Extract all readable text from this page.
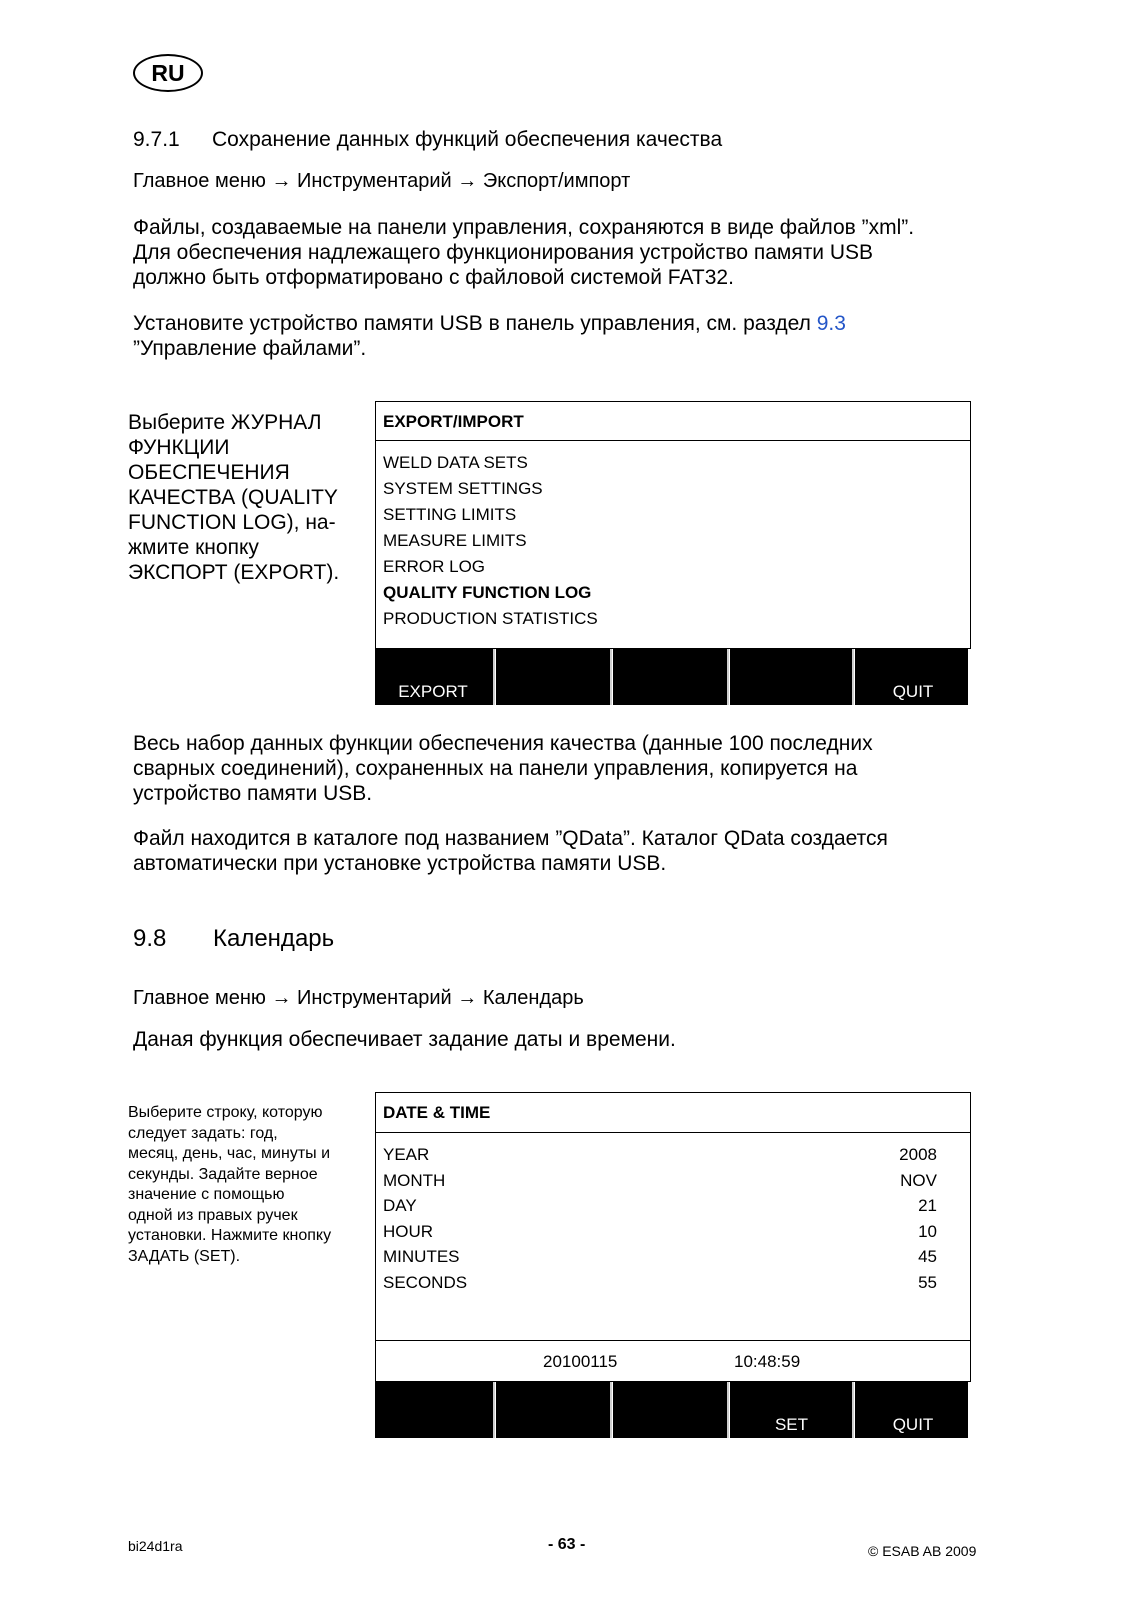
RU
9.7.1 Сохранение данных функций обеспечения качества
Главное меню → Инструментарий → Экспорт/импорт
Файлы, создаваемые на панели управления, сохраняются в виде файлов ”xml”.
Для обеспечения надлежащего функционирования устройство памяти USB
должно быть отформатировано с файловой системой FAT32.
Установите устройство памяти USB в панель управления, см. раздел 9.3
”Управление файлами”.
Выберите ЖУРНАЛ
ФУНКЦИИ
ОБЕСПЕЧЕНИЯ
КАЧЕСТВА (QUALITY
FUNCTION LOG), на-
жмите кнопку
ЭКСПОРТ (EXPORT).
EXPORT/IMPORT
WELD DATA SETS
SYSTEM SETTINGS
SETTING LIMITS
MEASURE LIMITS
ERROR LOG
QUALITY FUNCTION LOG
PRODUCTION STATISTICS
EXPORT	QUIT
Весь набор данных функции обеспечения качества (данные 100 последних
сварных соединений), сохраненных на панели управления, копируется на
устройство памяти USB.
Файл находится в каталоге под названием ”QData”. Каталог QData создается
автоматически при установке устройства памяти USB.
9.8 Календарь
Главное меню → Инструментарий → Календарь
Даная функция обеспечивает задание даты и времени.
Выберите строку, которую
следует задать: год,
месяц, день, час, минуты и
секунды. Задайте верное
значение с помощью
одной из правых ручек
установки. Нажмите кнопку
ЗАДАТЬ (SET).
DATE & TIME
YEAR	2008
MONTH	NOV
DAY	21
HOUR	10
MINUTES	45
SECONDS	55
20100115	10:48:59
SET	QUIT
bi24d1ra	- 63 -	© ESAB AB 2009
